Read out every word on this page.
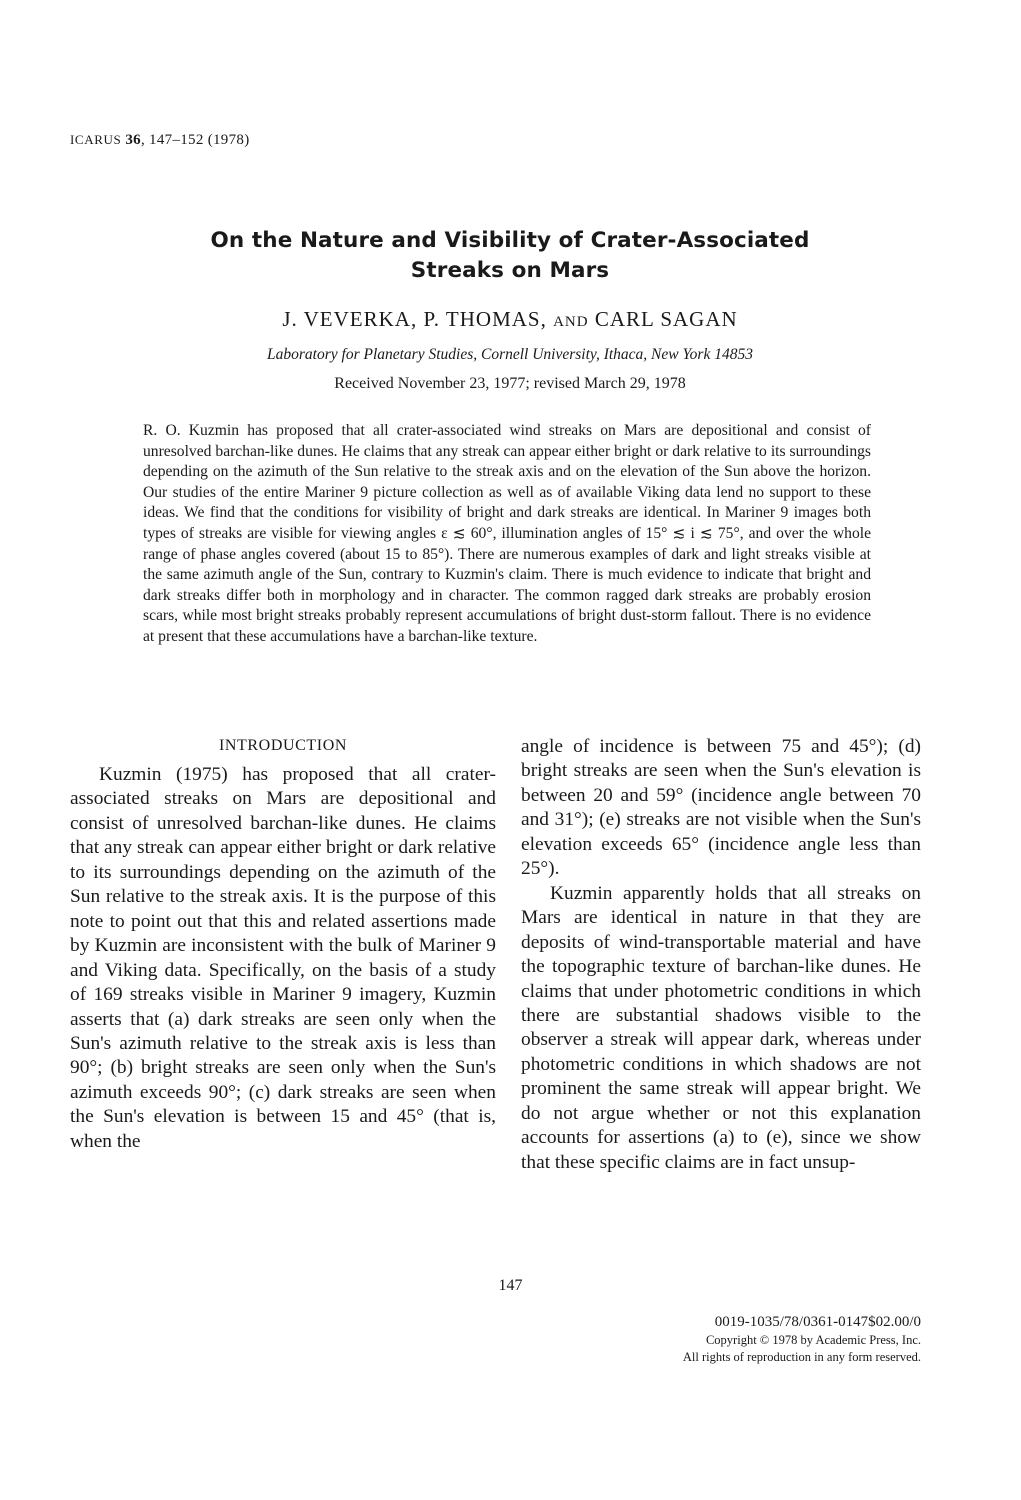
ICARUS 36, 147–152 (1978)
On the Nature and Visibility of Crater-Associated
Streaks on Mars
J. VEVERKA, P. THOMAS, AND CARL SAGAN
Laboratory for Planetary Studies, Cornell University, Ithaca, New York 14853
Received November 23, 1977; revised March 29, 1978
R. O. Kuzmin has proposed that all crater-associated wind streaks on Mars are depositional and consist of unresolved barchan-like dunes. He claims that any streak can appear either bright or dark relative to its surroundings depending on the azimuth of the Sun relative to the streak axis and on the elevation of the Sun above the horizon. Our studies of the entire Mariner 9 picture collection as well as of available Viking data lend no support to these ideas. We find that the conditions for visibility of bright and dark streaks are identical. In Mariner 9 images both types of streaks are visible for viewing angles ε ≲ 60°, illumination angles of 15° ≲ i ≲ 75°, and over the whole range of phase angles covered (about 15 to 85°). There are numerous examples of dark and light streaks visible at the same azimuth angle of the Sun, contrary to Kuzmin's claim. There is much evidence to indicate that bright and dark streaks differ both in morphology and in character. The common ragged dark streaks are probably erosion scars, while most bright streaks probably represent accumulations of bright dust-storm fallout. There is no evidence at present that these accumulations have a barchan-like texture.
INTRODUCTION

Kuzmin (1975) has proposed that all crater-associated streaks on Mars are depositional and consist of unresolved barchan-like dunes. He claims that any streak can appear either bright or dark relative to its surroundings depending on the azimuth of the Sun relative to the streak axis. It is the purpose of this note to point out that this and related assertions made by Kuzmin are inconsistent with the bulk of Mariner 9 and Viking data. Specifically, on the basis of a study of 169 streaks visible in Mariner 9 imagery, Kuzmin asserts that (a) dark streaks are seen only when the Sun's azimuth relative to the streak axis is less than 90°; (b) bright streaks are seen only when the Sun's azimuth exceeds 90°; (c) dark streaks are seen when the Sun's elevation is between 15 and 45° (that is, when the

angle of incidence is between 75 and 45°); (d) bright streaks are seen when the Sun's elevation is between 20 and 59° (incidence angle between 70 and 31°); (e) streaks are not visible when the Sun's elevation exceeds 65° (incidence angle less than 25°).

Kuzmin apparently holds that all streaks on Mars are identical in nature in that they are deposits of wind-transportable material and have the topographic texture of barchan-like dunes. He claims that under photometric conditions in which there are substantial shadows visible to the observer a streak will appear dark, whereas under photometric conditions in which shadows are not prominent the same streak will appear bright. We do not argue whether or not this explanation accounts for assertions (a) to (e), since we show that these specific claims are in fact unsup-

147
0019-1035/78/0361-0147$02.00/0
Copyright © 1978 by Academic Press, Inc.
All rights of reproduction in any form reserved.
